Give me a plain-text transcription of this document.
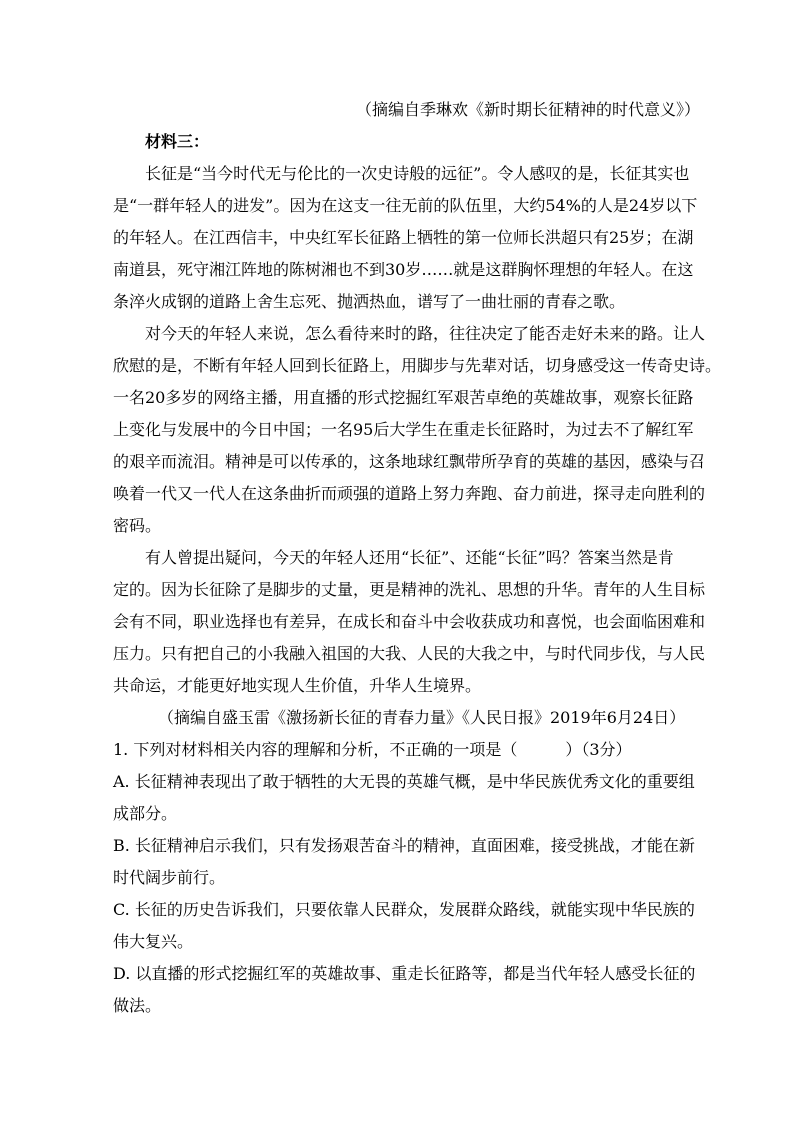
（摘编自季琳欢《新时期长征精神的时代意义》）
材料三：
长征是“当今时代无与伦比的一次史诗般的远征”。令人感叹的是，长征其实也
是“一群年轻人的进发”。因为在这支一往无前的队伍里，大约54%的人是24岁以下
的年轻人。在江西信丰，中央红军长征路上牺牲的第一位师长洪超只有25岁；在湖
南道县，死守湘江阵地的陈树湘也不到30岁……就是这群胸怀理想的年轻人。在这
条淬火成钢的道路上舍生忘死、抛洒热血，谱写了一曲壮丽的青春之歌。
对今天的年轻人来说，怎么看待来时的路，往往决定了能否走好未来的路。让人
欣慰的是，不断有年轻人回到长征路上，用脚步与先辈对话，切身感受这一传奇史诗。
一名20多岁的网络主播，用直播的形式挖掘红军艰苦卓绝的英雄故事，观察长征路
上变化与发展中的今日中国；一名95后大学生在重走长征路时，为过去不了解红军
的艰辛而流泪。精神是可以传承的，这条地球红飘带所孕育的英雄的基因，感染与召
唤着一代又一代人在这条曲折而顽强的道路上努力奔跑、奋力前进，探寻走向胜利的
密码。
有人曾提出疑问，今天的年轻人还用“长征”、还能“长征”吗？答案当然是肯
定的。因为长征除了是脚步的丈量，更是精神的洗礼、思想的升华。青年的人生目标
会有不同，职业选择也有差异，在成长和奋斗中会收获成功和喜悦，也会面临困难和
压力。只有把自己的小我融入祖国的大我、人民的大我之中，与时代同步伐，与人民
共命运，才能更好地实现人生价值，升华人生境界。
（摘编自盛玉雷《激扬新长征的青春力量》《人民日报》2019年6月24日）
1. 下列对材料相关内容的理解和分析，不正确的一项是（　　　）（3分）
A. 长征精神表现出了敢于牺牲的大无畏的英雄气概，是中华民族优秀文化的重要组
成部分。
B. 长征精神启示我们，只有发扬艰苦奋斗的精神，直面困难，接受挑战，才能在新
时代阔步前行。
C. 长征的历史告诉我们，只要依靠人民群众，发展群众路线，就能实现中华民族的
伟大复兴。
D. 以直播的形式挖掘红军的英雄故事、重走长征路等，都是当代年轻人感受长征的
做法。
